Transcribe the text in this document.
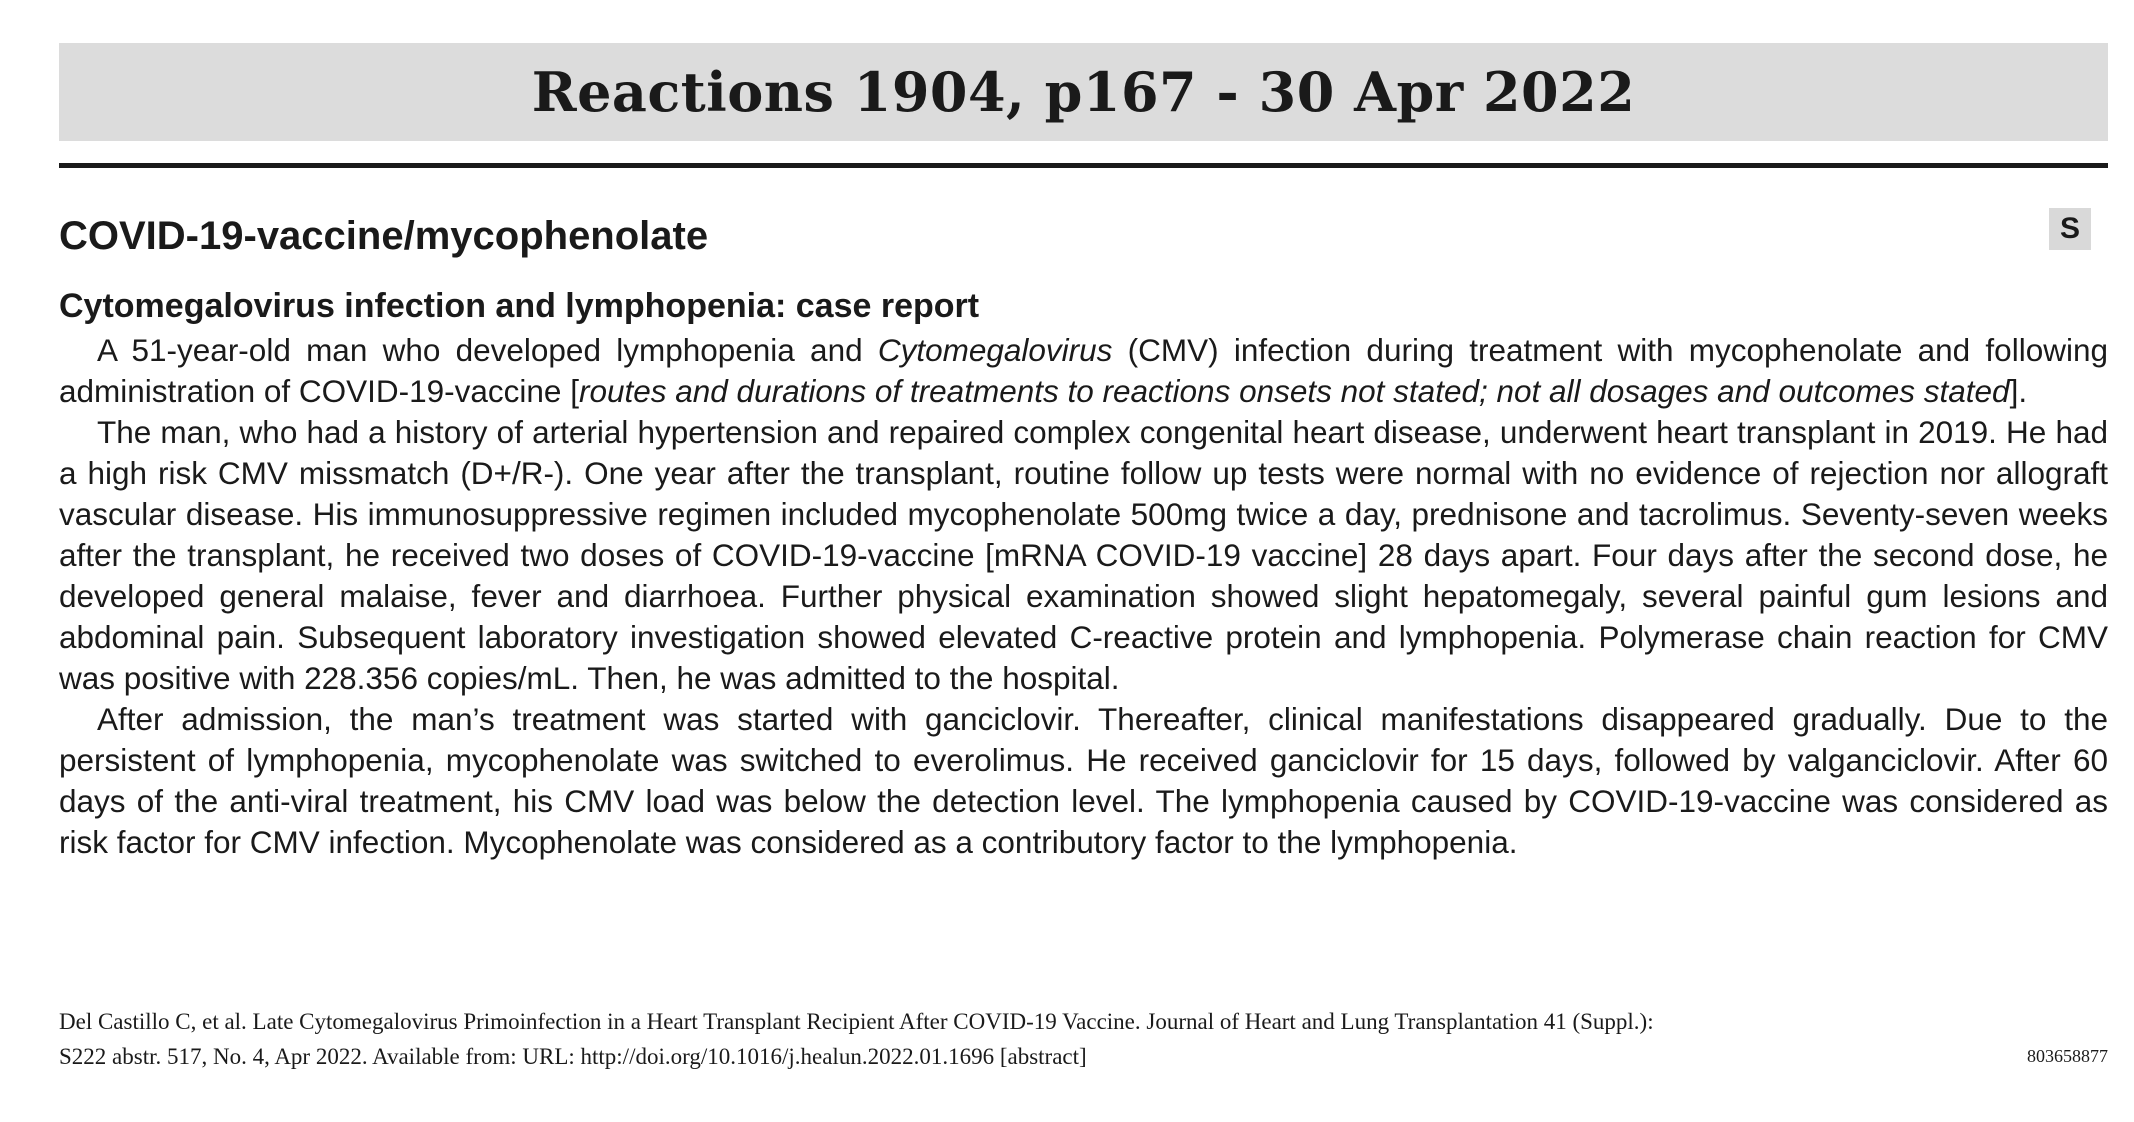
Reactions 1904, p167 - 30 Apr 2022
COVID-19-vaccine/mycophenolate	S
Cytomegalovirus infection and lymphopenia: case report

A 51-year-old man who developed lymphopenia and Cytomegalovirus (CMV) infection during treatment with mycophenolate and following administration of COVID-19-vaccine [routes and durations of treatments to reactions onsets not stated; not all dosages and outcomes stated].

The man, who had a history of arterial hypertension and repaired complex congenital heart disease, underwent heart transplant in 2019. He had a high risk CMV missmatch (D+/R-). One year after the transplant, routine follow up tests were normal with no evidence of rejection nor allograft vascular disease. His immunosuppressive regimen included mycophenolate 500mg twice a day, prednisone and tacrolimus. Seventy-seven weeks after the transplant, he received two doses of COVID-19-vaccine [mRNA COVID-19 vaccine] 28 days apart. Four days after the second dose, he developed general malaise, fever and diarrhoea. Further physical examination showed slight hepatomegaly, several painful gum lesions and abdominal pain. Subsequent laboratory investigation showed elevated C-reactive protein and lymphopenia. Polymerase chain reaction for CMV was positive with 228.356 copies/mL. Then, he was admitted to the hospital.

After admission, the man’s treatment was started with ganciclovir. Thereafter, clinical manifestations disappeared gradually. Due to the persistent of lymphopenia, mycophenolate was switched to everolimus. He received ganciclovir for 15 days, followed by valganciclovir. After 60 days of the anti-viral treatment, his CMV load was below the detection level. The lymphopenia caused by COVID-19-vaccine was considered as risk factor for CMV infection. Mycophenolate was considered as a contributory factor to the lymphopenia.

Del Castillo C, et al. Late Cytomegalovirus Primoinfection in a Heart Transplant Recipient After COVID-19 Vaccine. Journal of Heart and Lung Transplantation 41 (Suppl.):
S222 abstr. 517, No. 4, Apr 2022. Available from: URL: http://doi.org/10.1016/j.healun.2022.01.1696 [abstract]	803658877
